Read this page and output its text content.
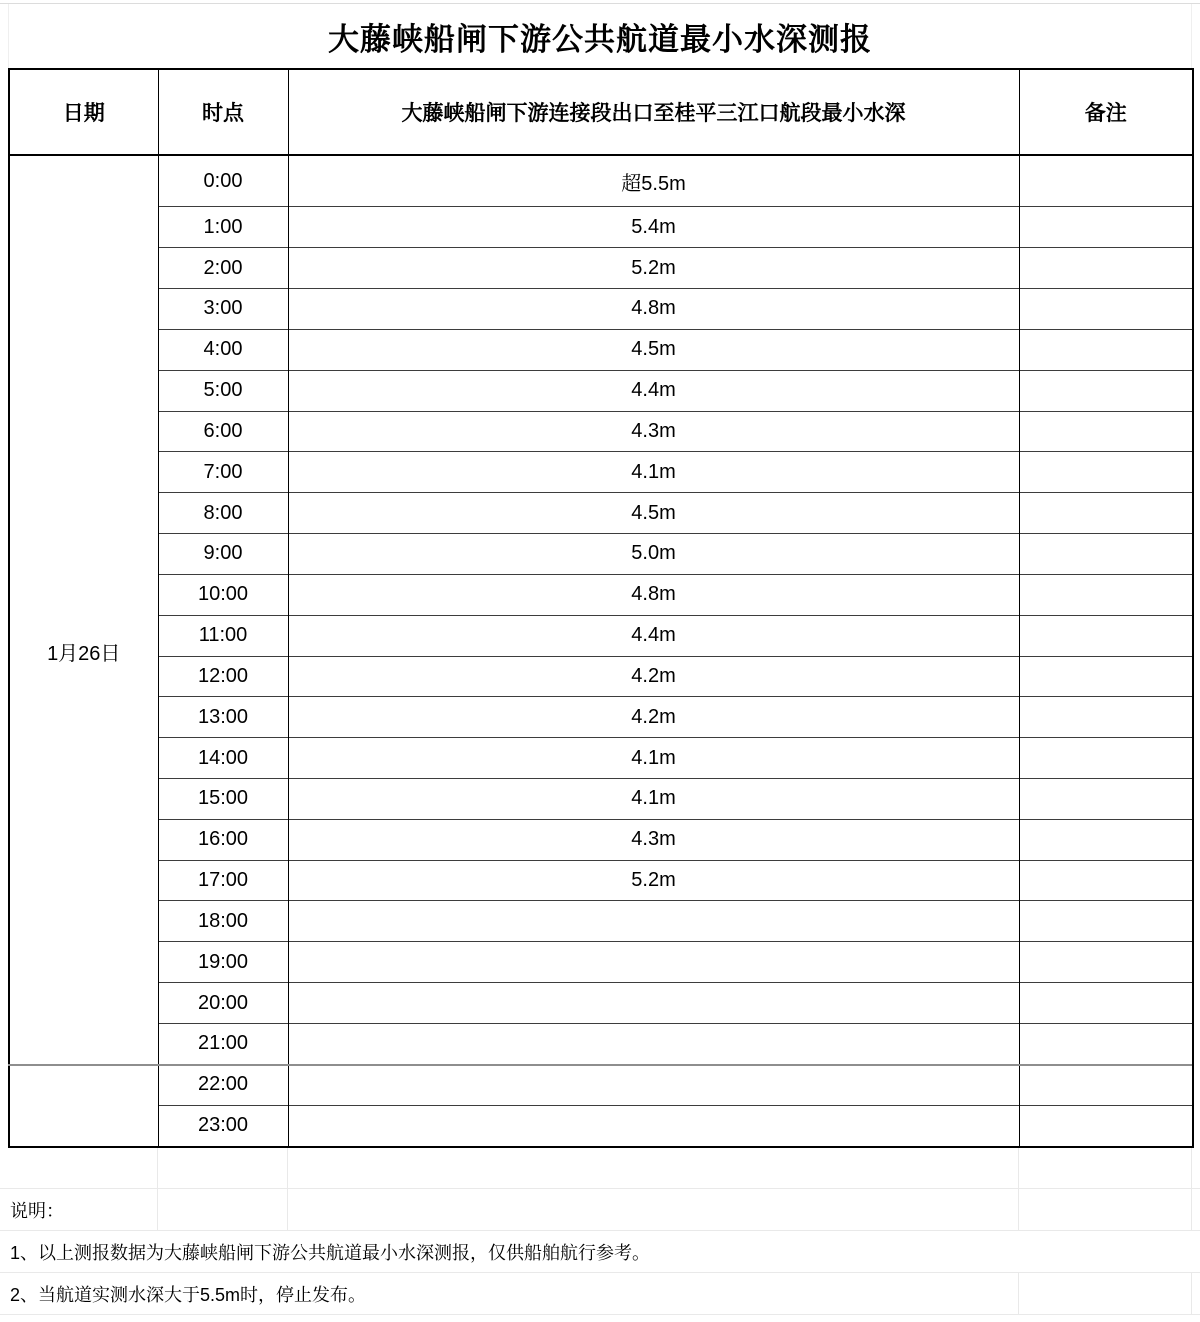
大藤峡船闸下游公共航道最小水深测报
日期	时点	大藤峡船闸下游连接段出口至桂平三江口航段最小水深	备注
1月26日	0:00	超5.5m	
	1:00	5.4m	
	2:00	5.2m	
	3:00	4.8m	
	4:00	4.5m	
	5:00	4.4m	
	6:00	4.3m	
	7:00	4.1m	
	8:00	4.5m	
	9:00	5.0m	
	10:00	4.8m	
	11:00	4.4m	
	12:00	4.2m	
	13:00	4.2m	
	14:00	4.1m	
	15:00	4.1m	
	16:00	4.3m	
	17:00	5.2m	
	18:00		
	19:00		
	20:00		
	21:00		
	22:00		
	23:00		
说明：
1、以上测报数据为大藤峡船闸下游公共航道最小水深测报，仅供船舶航行参考。
2、当航道实测水深大于5.5m时，停止发布。
